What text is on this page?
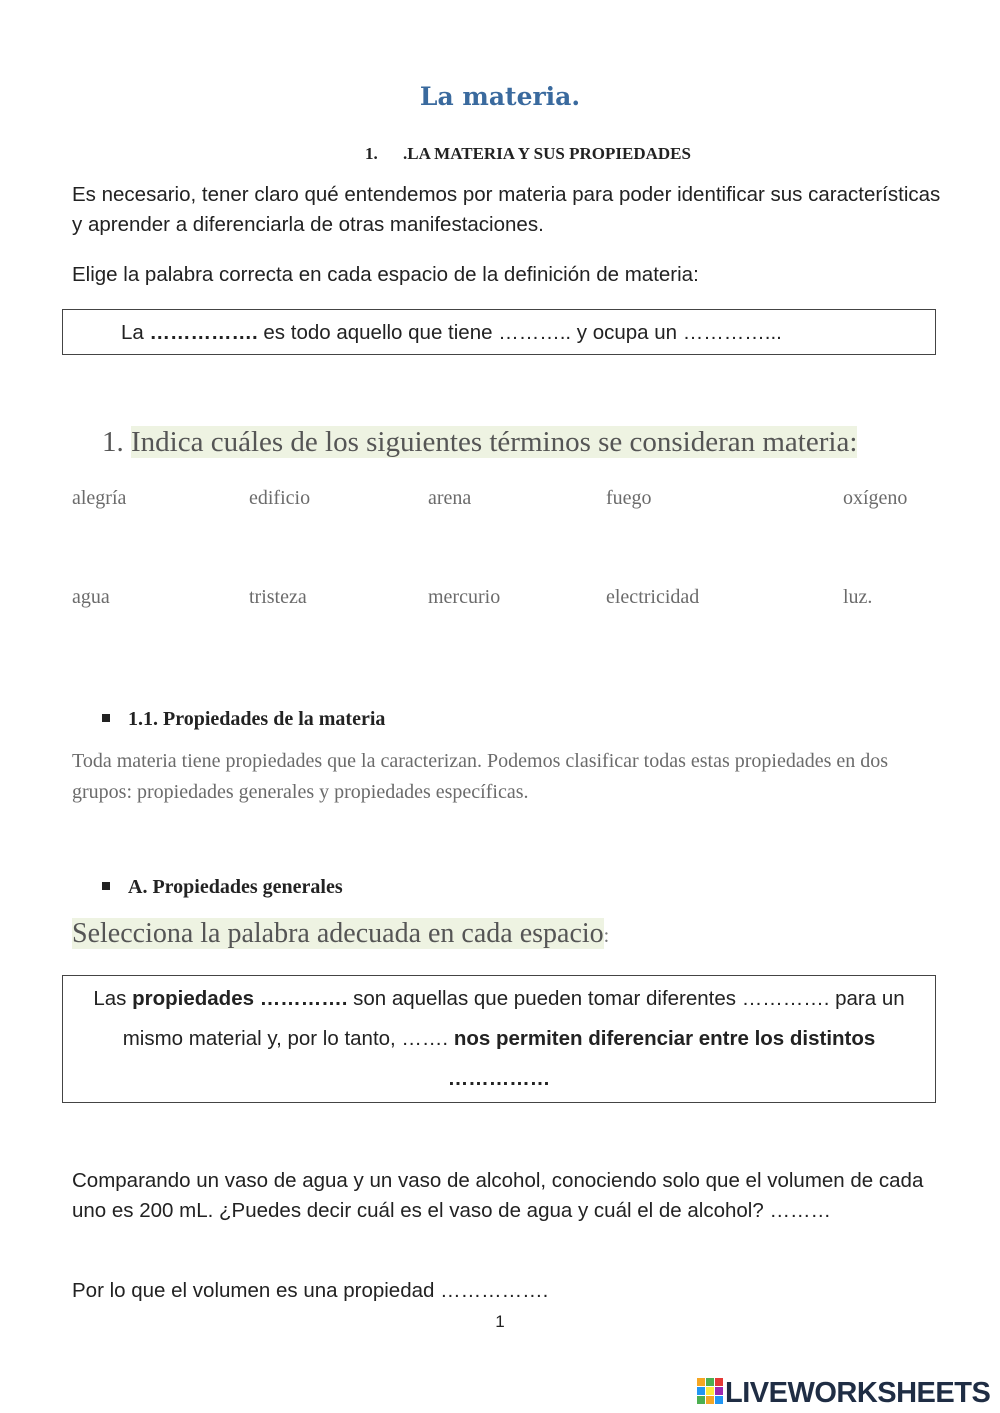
La materia.
1. .LA MATERIA Y SUS PROPIEDADES
Es necesario, tener claro qué entendemos por materia para poder identificar sus características y aprender a diferenciarla de otras manifestaciones.
Elige la palabra correcta en cada espacio de la definición de materia:
La ……………. es todo aquello que tiene ……….. y ocupa un …………...
1. Indica cuáles de los siguientes términos se consideran materia:
alegría	edificio	arena	fuego	oxígeno
agua	tristeza	mercurio	electricidad	luz.
1.1. Propiedades de la materia
Toda materia tiene propiedades que la caracterizan. Podemos clasificar todas estas propiedades en dos grupos: propiedades generales y propiedades específicas.
A. Propiedades generales
Selecciona la palabra adecuada en cada espacio:
Las propiedades …………. son aquellas que pueden tomar diferentes …………. para un mismo material y, por lo tanto, ……. nos permiten diferenciar entre los distintos ……………
Comparando un vaso de agua y un vaso de alcohol, conociendo solo que el volumen de cada uno es 200 mL. ¿Puedes decir cuál es el vaso de agua y cuál el de alcohol? ………
Por lo que el volumen es una propiedad …………….
1
LIVEWORKSHEETS
